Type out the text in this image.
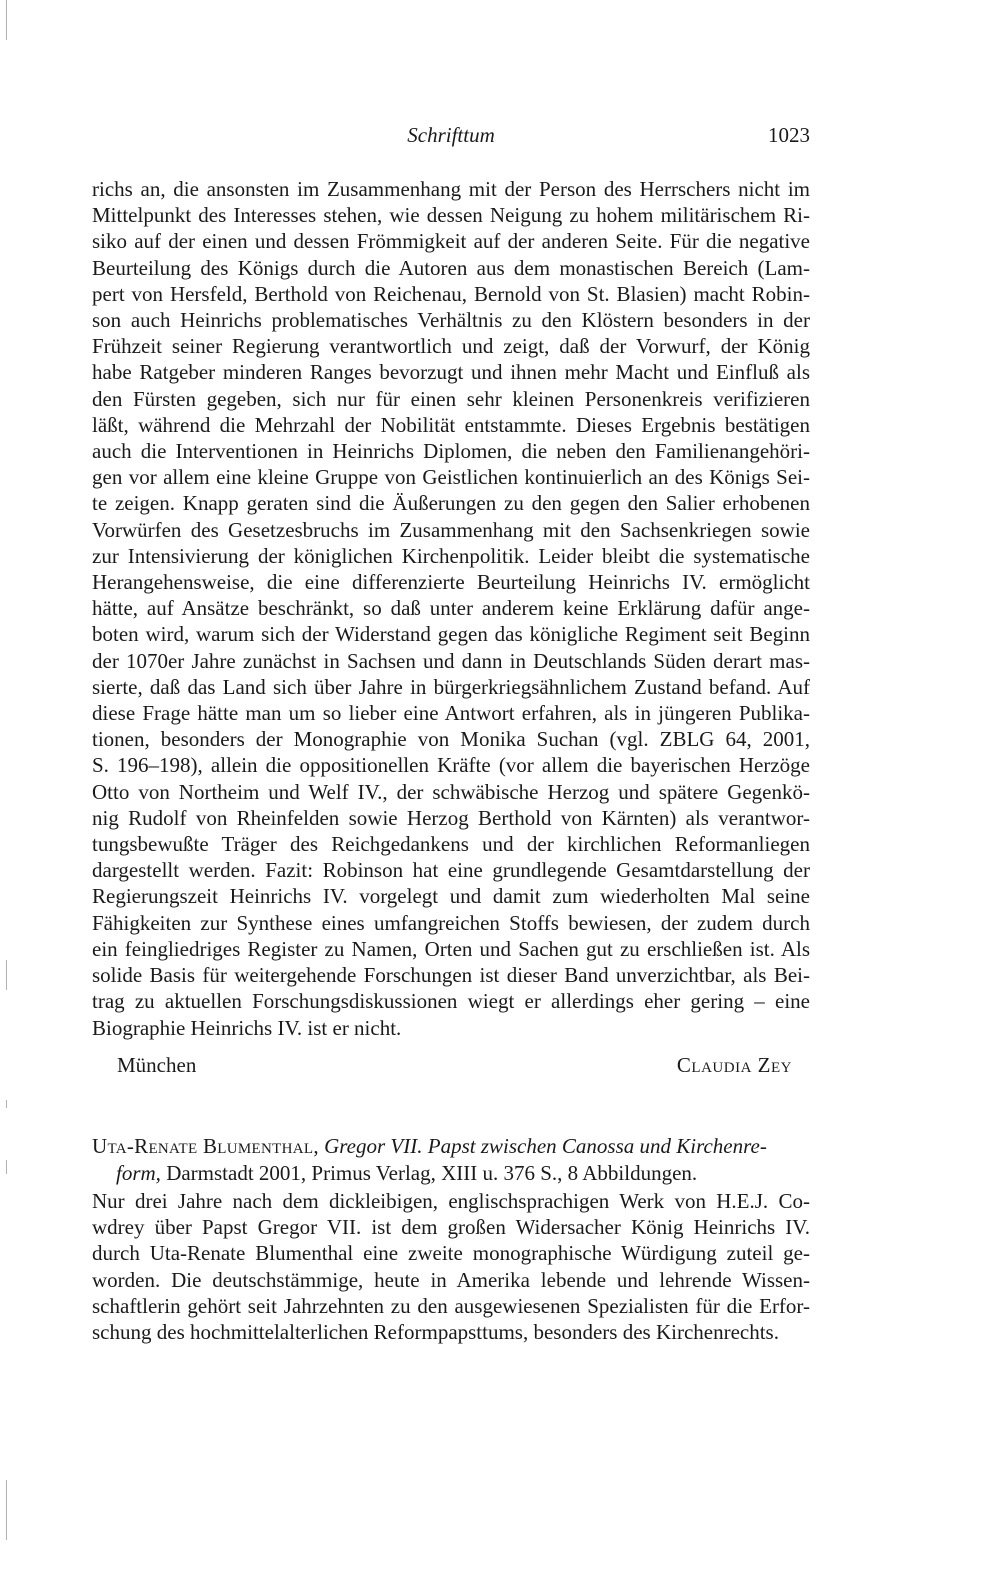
Schrifttum	1023
richs an, die ansonsten im Zusammenhang mit der Person des Herrschers nicht im
Mittelpunkt des Interesses stehen, wie dessen Neigung zu hohem militärischem Ri-
siko auf der einen und dessen Frömmigkeit auf der anderen Seite. Für die negative
Beurteilung des Königs durch die Autoren aus dem monastischen Bereich (Lam-
pert von Hersfeld, Berthold von Reichenau, Bernold von St. Blasien) macht Robin-
son auch Heinrichs problematisches Verhältnis zu den Klöstern besonders in der
Frühzeit seiner Regierung verantwortlich und zeigt, daß der Vorwurf, der König
habe Ratgeber minderen Ranges bevorzugt und ihnen mehr Macht und Einfluß als
den Fürsten gegeben, sich nur für einen sehr kleinen Personenkreis verifizieren
läßt, während die Mehrzahl der Nobilität entstammte. Dieses Ergebnis bestätigen
auch die Interventionen in Heinrichs Diplomen, die neben den Familienangehöri-
gen vor allem eine kleine Gruppe von Geistlichen kontinuierlich an des Königs Sei-
te zeigen. Knapp geraten sind die Äußerungen zu den gegen den Salier erhobenen
Vorwürfen des Gesetzesbruchs im Zusammenhang mit den Sachsenkriegen sowie
zur Intensivierung der königlichen Kirchenpolitik. Leider bleibt die systematische
Herangehensweise, die eine differenzierte Beurteilung Heinrichs IV. ermöglicht
hätte, auf Ansätze beschränkt, so daß unter anderem keine Erklärung dafür ange-
boten wird, warum sich der Widerstand gegen das königliche Regiment seit Beginn
der 1070er Jahre zunächst in Sachsen und dann in Deutschlands Süden derart mas-
sierte, daß das Land sich über Jahre in bürgerkriegsähnlichem Zustand befand. Auf
diese Frage hätte man um so lieber eine Antwort erfahren, als in jüngeren Publika-
tionen, besonders der Monographie von Monika Suchan (vgl. ZBLG 64, 2001,
S. 196–198), allein die oppositionellen Kräfte (vor allem die bayerischen Herzöge
Otto von Northeim und Welf IV., der schwäbische Herzog und spätere Gegenkö-
nig Rudolf von Rheinfelden sowie Herzog Berthold von Kärnten) als verantwor-
tungsbewußte Träger des Reichgedankens und der kirchlichen Reformanliegen
dargestellt werden. Fazit: Robinson hat eine grundlegende Gesamtdarstellung der
Regierungszeit Heinrichs IV. vorgelegt und damit zum wiederholten Mal seine
Fähigkeiten zur Synthese eines umfangreichen Stoffs bewiesen, der zudem durch
ein feingliedriges Register zu Namen, Orten und Sachen gut zu erschließen ist. Als
solide Basis für weitergehende Forschungen ist dieser Band unverzichtbar, als Bei-
trag zu aktuellen Forschungsdiskussionen wiegt er allerdings eher gering – eine
Biographie Heinrichs IV. ist er nicht.
München	Claudia Zey
Uta-Renate Blumenthal, Gregor VII. Papst zwischen Canossa und Kirchenre-
form, Darmstadt 2001, Primus Verlag, XIII u. 376 S., 8 Abbildungen.
Nur drei Jahre nach dem dickleibigen, englischsprachigen Werk von H.E.J. Co-
wdrey über Papst Gregor VII. ist dem großen Widersacher König Heinrichs IV.
durch Uta-Renate Blumenthal eine zweite monographische Würdigung zuteil ge-
worden. Die deutschstämmige, heute in Amerika lebende und lehrende Wissen-
schaftlerin gehört seit Jahrzehnten zu den ausgewiesenen Spezialisten für die Erfor-
schung des hochmittelalterlichen Reformpapsttums, besonders des Kirchenrechts.
